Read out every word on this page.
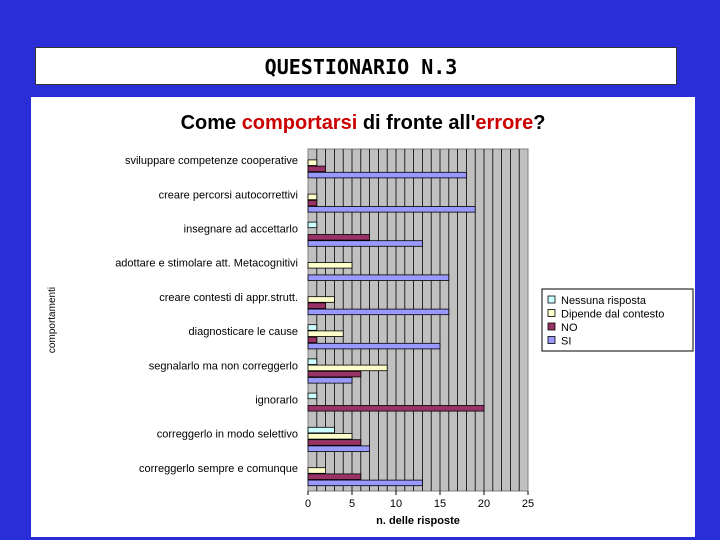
QUESTIONARIO N.3
Come comportarsi di fronte all'errore?
sviluppare competenze cooperative
creare percorsi autocorrettivi
insegnare ad accettarlo
adottare e stimolare att. Metacognitivi
creare contesti di appr.strutt.
diagnosticare le cause
segnalarlo ma non correggerlo
ignorarlo
correggerlo in modo selettivo
correggerlo sempre e comunque
0	5	10	15	20	25
n. delle risposte
comportamenti	Nessuna risposta
Dipende dal contesto
NO
SI
